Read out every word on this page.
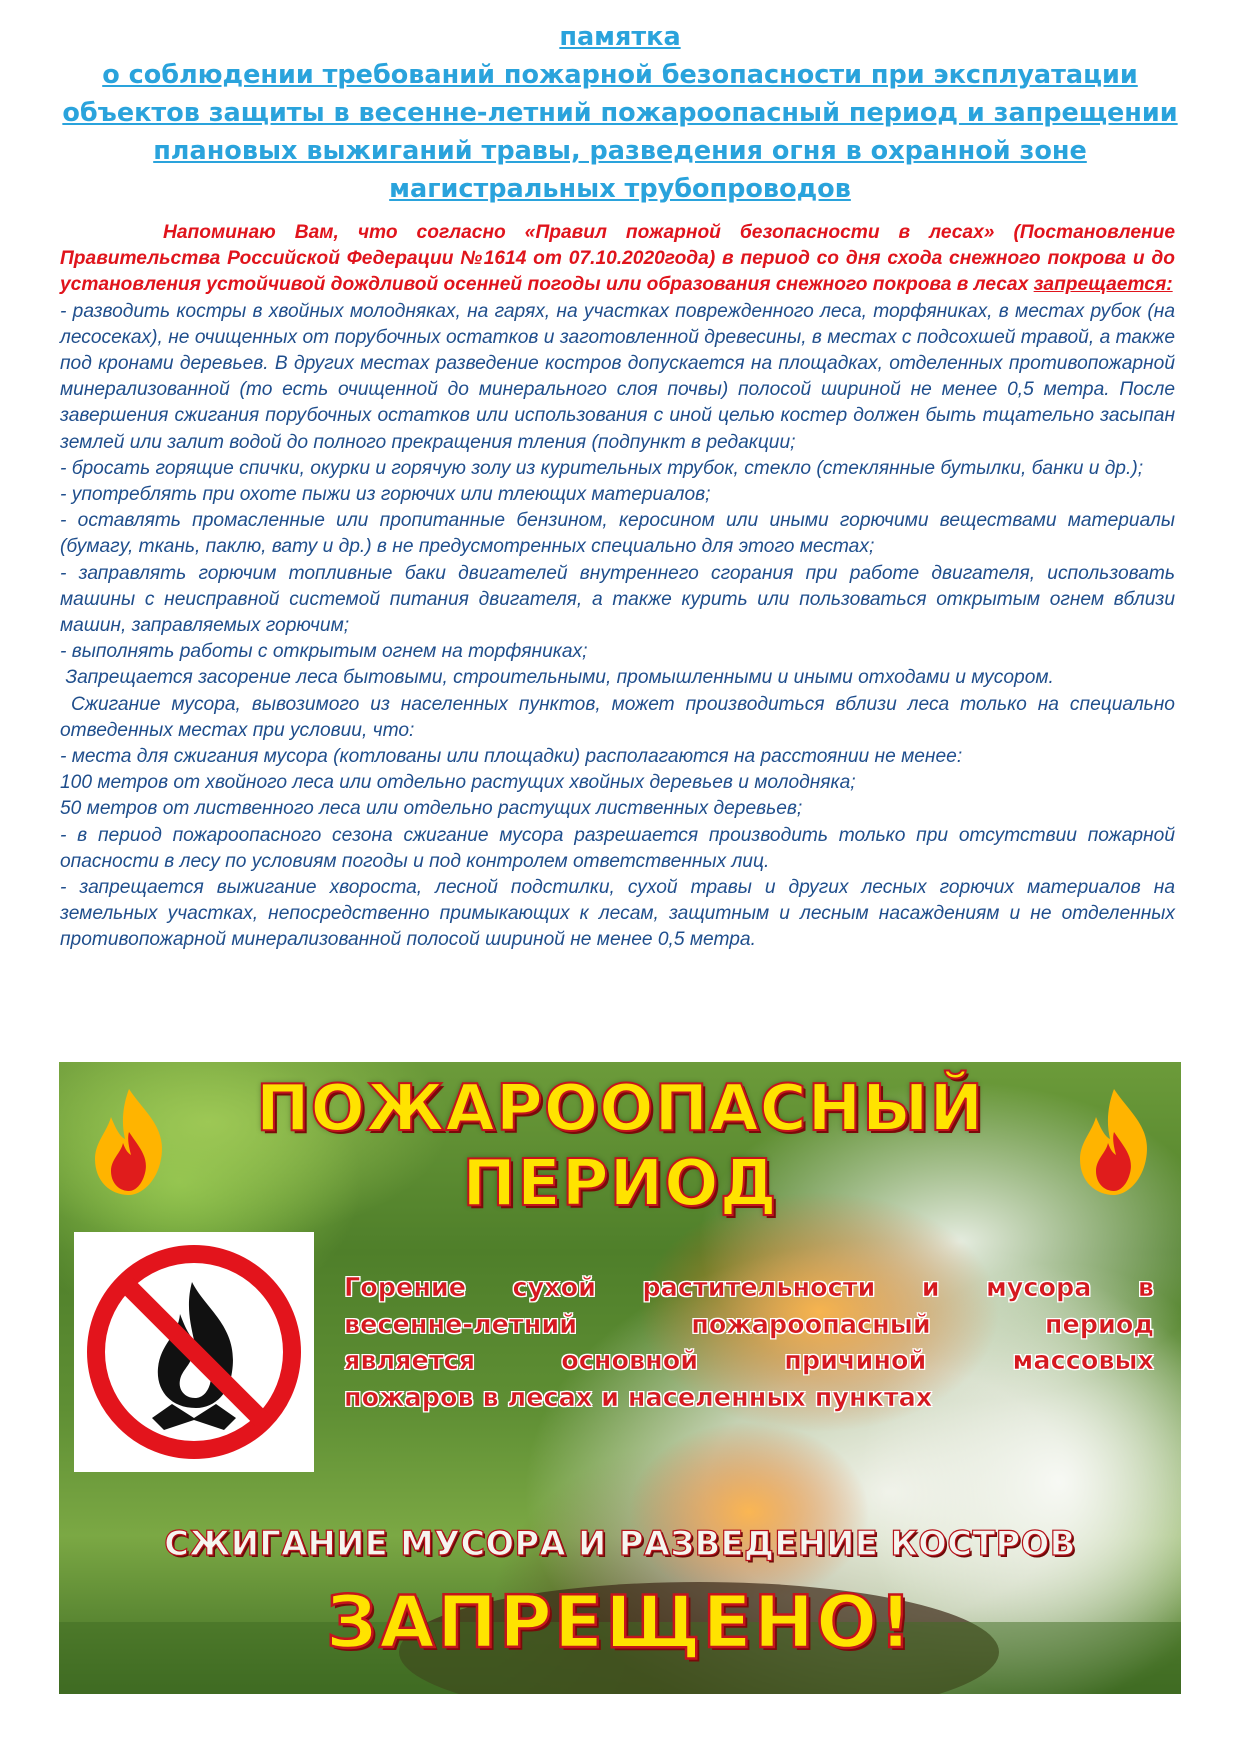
памятка
о соблюдении требований пожарной безопасности при эксплуатации
объектов защиты в весенне-летний пожароопасный период и запрещении
плановых выжиганий травы, разведения огня в охранной зоне
магистральных трубопроводов

Напоминаю Вам, что согласно «Правил пожарной безопасности в лесах» (Постановление Правительства Российской Федерации №1614 от 07.10.2020года) в период со дня схода снежного покрова и до установления устойчивой дождливой осенней погоды или образования снежного покрова в лесах запрещается:

- разводить костры в хвойных молодняках, на гарях, на участках поврежденного леса, торфяниках, в местах рубок (на лесосеках), не очищенных от порубочных остатков и заготовленной древесины, в местах с подсохшей травой, а также под кронами деревьев. В других местах разведение костров допускается на площадках, отделенных противопожарной минерализованной (то есть очищенной до минерального слоя почвы) полосой шириной не менее 0,5 метра. После завершения сжигания порубочных остатков или использования с иной целью костер должен быть тщательно засыпан землей или залит водой до полного прекращения тления (подпункт в редакции;

- бросать горящие спички, окурки и горячую золу из курительных трубок, стекло (стеклянные бутылки, банки и др.);

- употреблять при охоте пыжи из горючих или тлеющих материалов;

- оставлять промасленные или пропитанные бензином, керосином или иными горючими веществами материалы (бумагу, ткань, паклю, вату и др.) в не предусмотренных специально для этого местах;

- заправлять горючим топливные баки двигателей внутреннего сгорания при работе двигателя, использовать машины с неисправной системой питания двигателя, а также курить или пользоваться открытым огнем вблизи машин, заправляемых горючим;

- выполнять работы с открытым огнем на торфяниках;

Запрещается засорение леса бытовыми, строительными, промышленными и иными отходами и мусором.

Сжигание мусора, вывозимого из населенных пунктов, может производиться вблизи леса только на специально отведенных местах при условии, что:

- места для сжигания мусора (котлованы или площадки) располагаются на расстоянии не менее:

100 метров от хвойного леса или отдельно растущих хвойных деревьев и молодняка;

50 метров от лиственного леса или отдельно растущих лиственных деревьев;

- в период пожароопасного сезона сжигание мусора разрешается производить только при отсутствии пожарной опасности в лесу по условиям погоды и под контролем ответственных лиц.

- запрещается выжигание хвороста, лесной подстилки, сухой травы и других лесных горючих материалов на земельных участках, непосредственно примыкающих к лесам, защитным и лесным насаждениям и не отделенных противопожарной минерализованной полосой шириной не менее 0,5 метра.

ПОЖАРООПАСНЫЙ
ПЕРИОД

Горение сухой растительности и мусора в

весенне-летний пожароопасный период

является основной причиной массовых

пожаров в лесах и населенных пунктах

СЖИГАНИЕ МУСОРА И РАЗВЕДЕНИЕ КОСТРОВ
ЗАПРЕЩЕНО!
